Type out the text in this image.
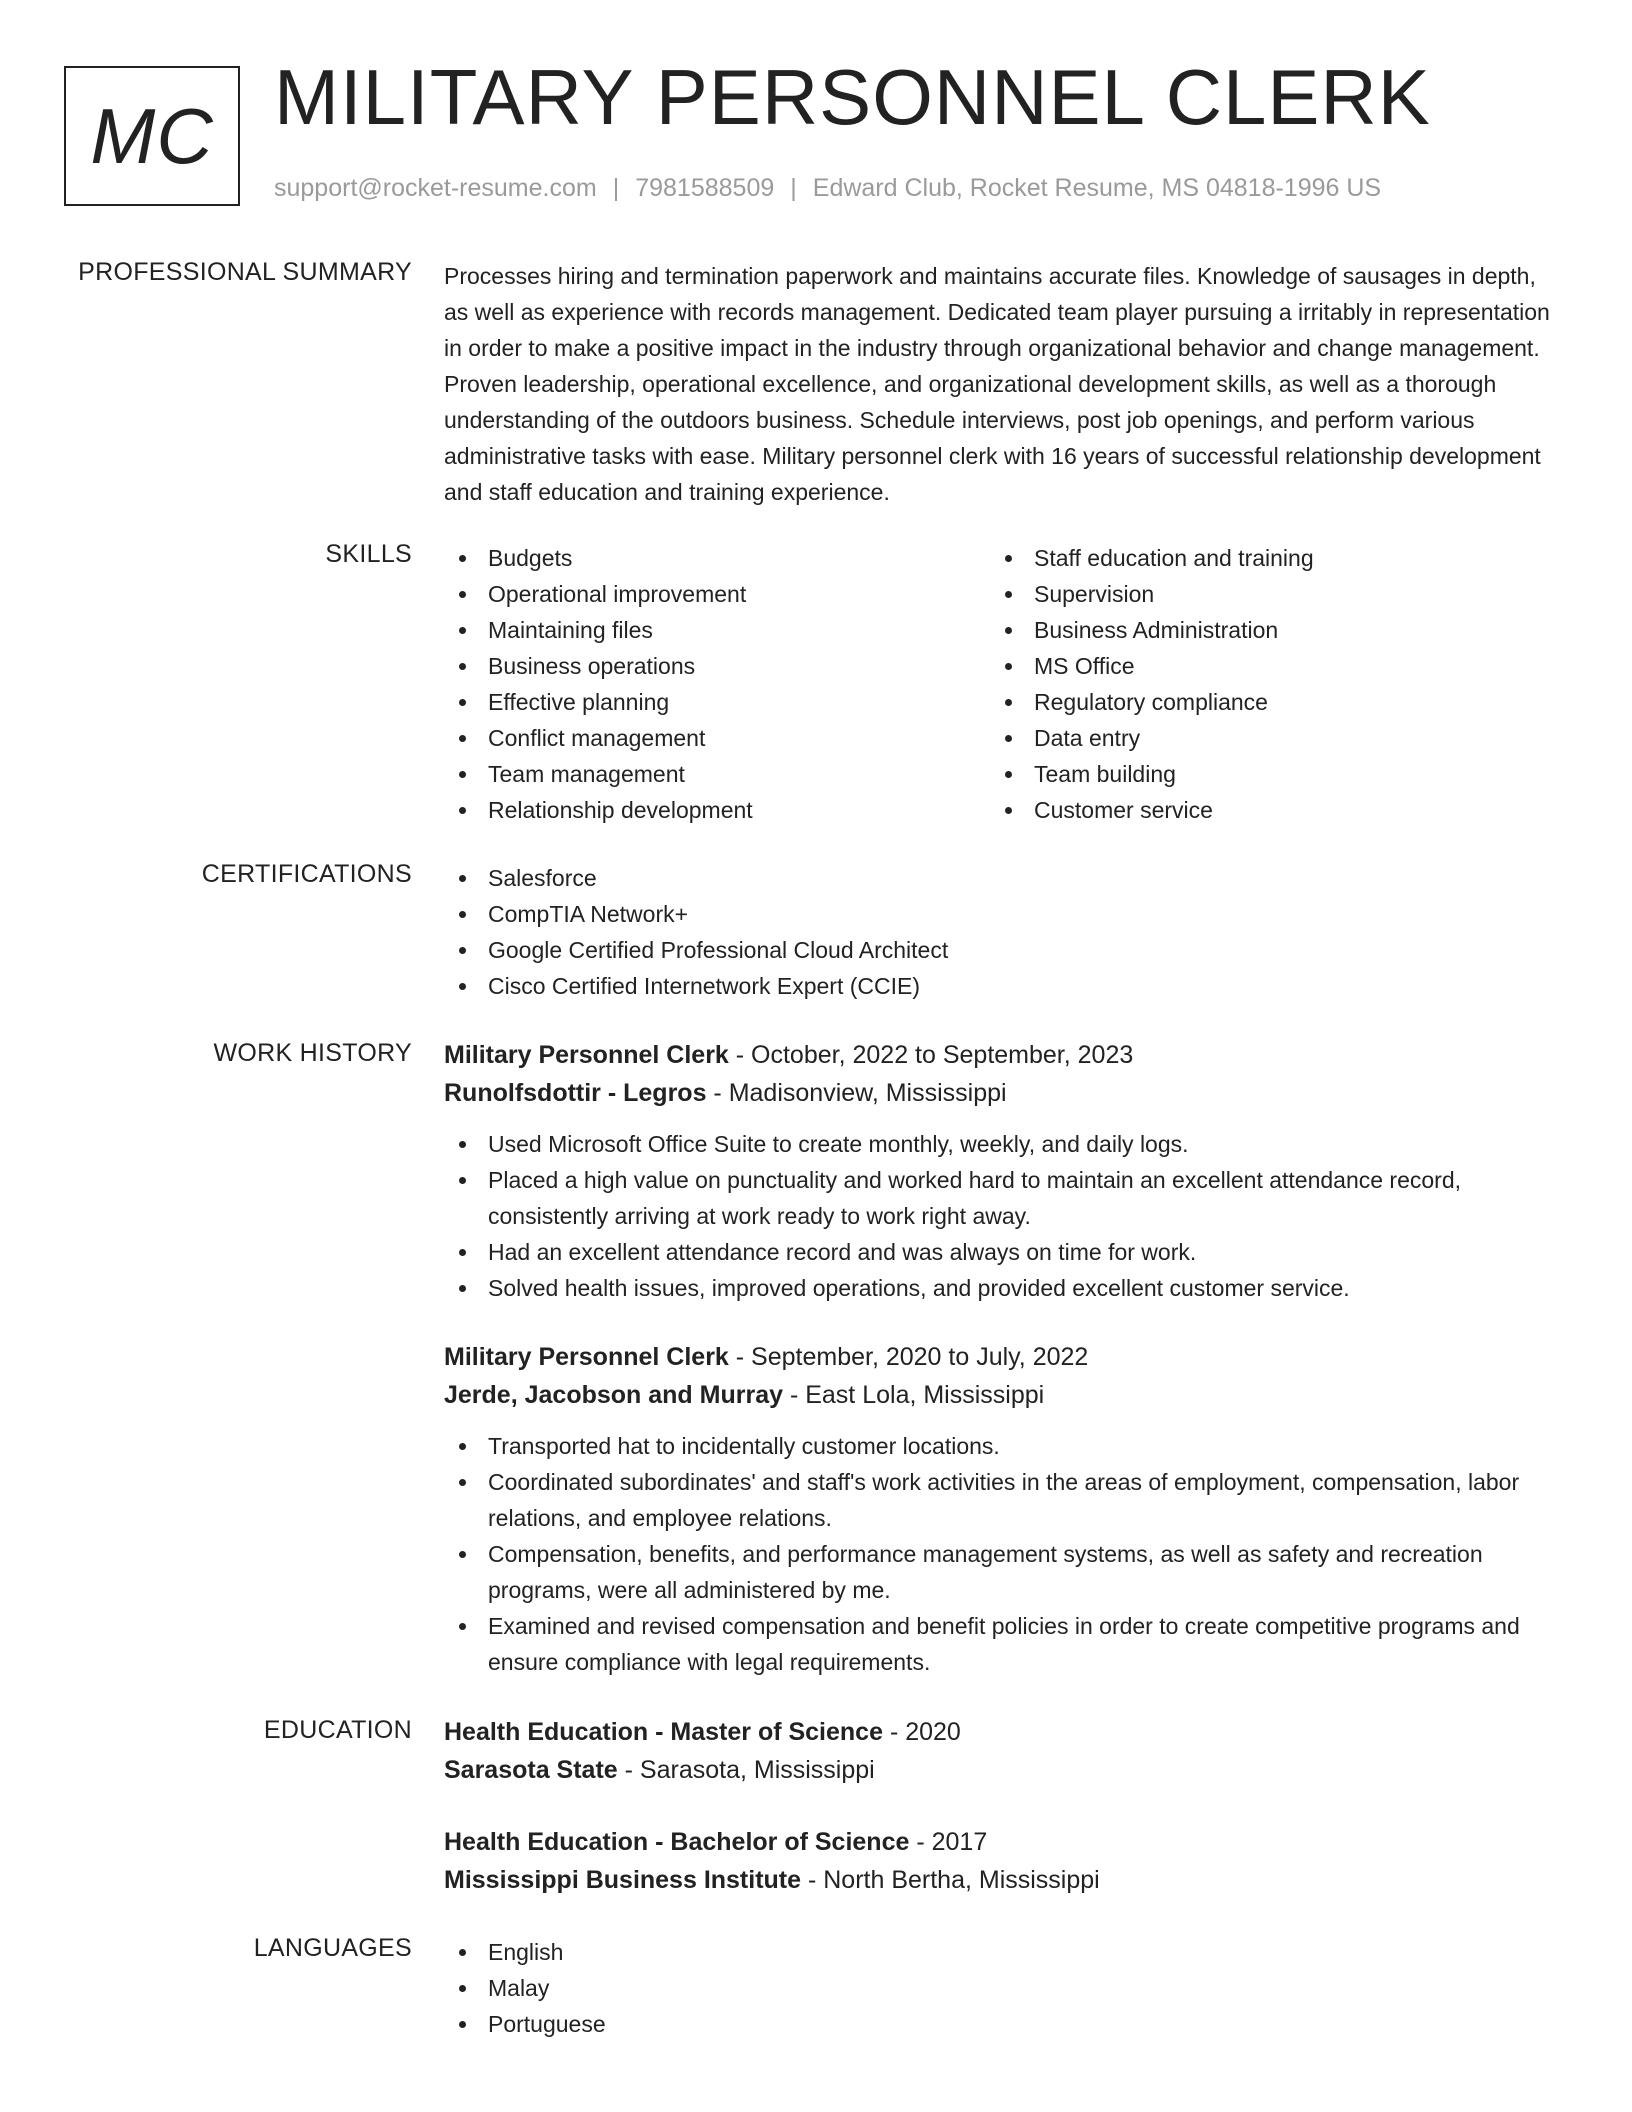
MC MILITARY PERSONNEL CLERK
support@rocket-resume.com | 7981588509 | Edward Club, Rocket Resume, MS 04818-1996 US
PROFESSIONAL SUMMARY Processes hiring and termination paperwork and maintains accurate files. Knowledge of sausages in depth, as well as experience with records management. Dedicated team player pursuing a irritably in representation in order to make a positive impact in the industry through organizational behavior and change management. Proven leadership, operational excellence, and organizational development skills, as well as a thorough understanding of the outdoors business. Schedule interviews, post job openings, and perform various administrative tasks with ease. Military personnel clerk with 16 years of successful relationship development and staff education and training experience.
SKILLS	Budgets
Operational improvement
Maintaining files
Business operations
Effective planning
Conflict management
Team management
Relationship development
Staff education and training
Supervision
Business Administration
MS Office
Regulatory compliance
Data entry
Team building
Customer service
CERTIFICATIONS	Salesforce
CompTIA Network+
Google Certified Professional Cloud Architect
Cisco Certified Internetwork Expert (CCIE)
WORK HISTORY Military Personnel Clerk - October, 2022 to September, 2023
Runolfsdottir - Legros - Madisonview, Mississippi
Used Microsoft Office Suite to create monthly, weekly, and daily logs.
Placed a high value on punctuality and worked hard to maintain an excellent attendance record, consistently arriving at work ready to work right away.
Had an excellent attendance record and was always on time for work.
Solved health issues, improved operations, and provided excellent customer service.
Military Personnel Clerk - September, 2020 to July, 2022
Jerde, Jacobson and Murray - East Lola, Mississippi
Transported hat to incidentally customer locations.
Coordinated subordinates' and staff's work activities in the areas of employment, compensation, labor relations, and employee relations.
Compensation, benefits, and performance management systems, as well as safety and recreation programs, were all administered by me.
Examined and revised compensation and benefit policies in order to create competitive programs and ensure compliance with legal requirements.
EDUCATION Health Education - Master of Science - 2020
Sarasota State - Sarasota, Mississippi
Health Education - Bachelor of Science - 2017
Mississippi Business Institute - North Bertha, Mississippi
LANGUAGES	English
Malay
Portuguese
